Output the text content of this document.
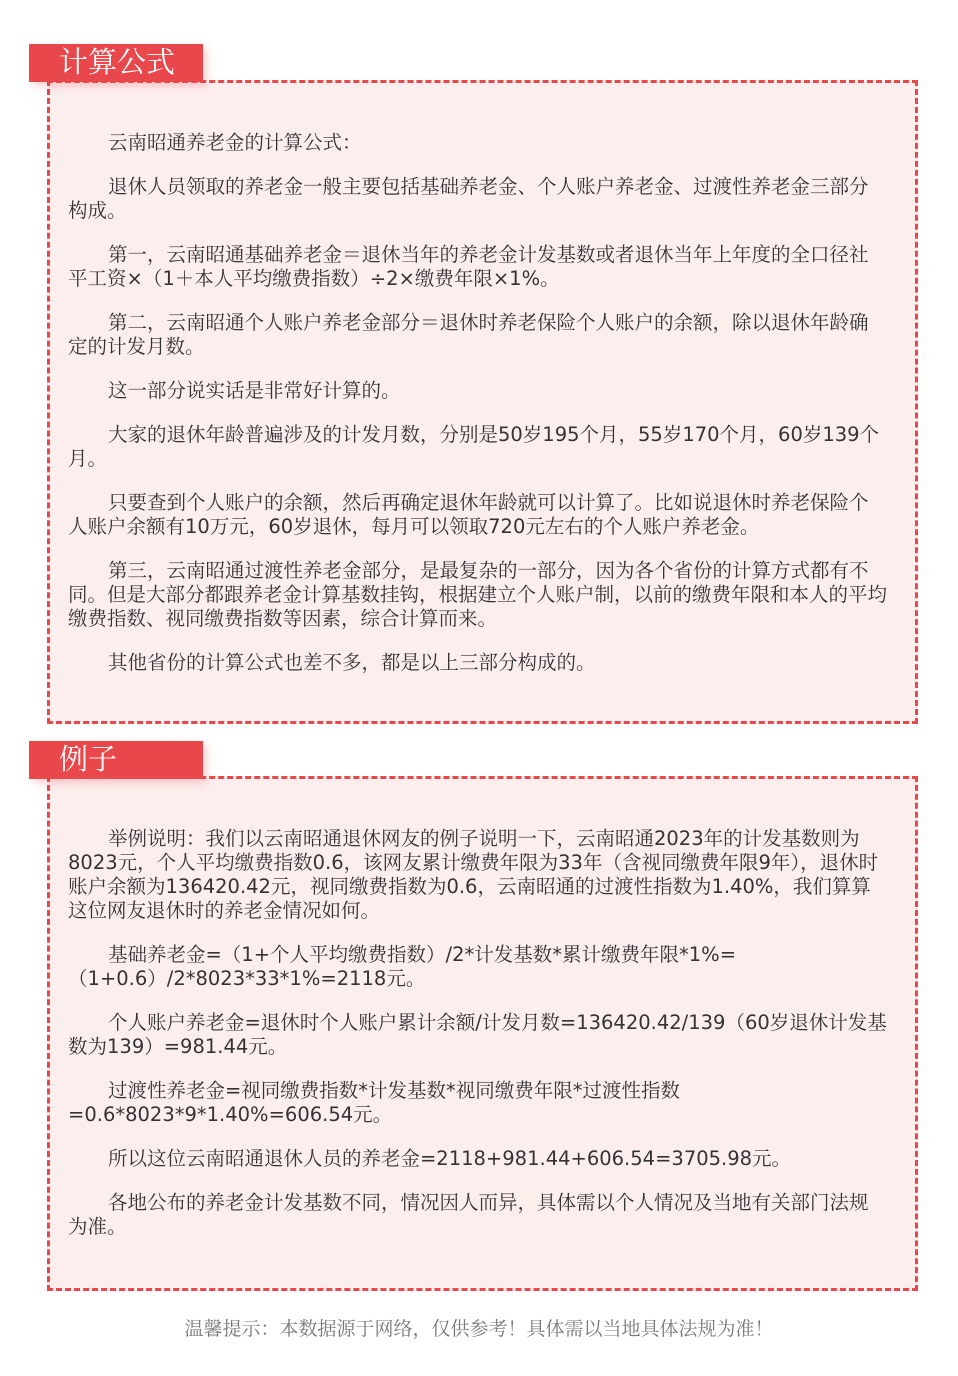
计算公式

云南昭通养老金的计算公式：

退休人员领取的养老金一般主要包括基础养老金、个人账户养老金、过渡性养老金三部分构成。

第一，云南昭通基础养老金＝退休当年的养老金计发基数或者退休当年上年度的全口径社平工资×（1＋本人平均缴费指数）÷2×缴费年限×1%。

第二，云南昭通个人账户养老金部分＝退休时养老保险个人账户的余额，除以退休年龄确定的计发月数。

这一部分说实话是非常好计算的。

大家的退休年龄普遍涉及的计发月数，分别是50岁195个月，55岁170个月，60岁139个月。

只要查到个人账户的余额，然后再确定退休年龄就可以计算了。比如说退休时养老保险个人账户余额有10万元，60岁退休，每月可以领取720元左右的个人账户养老金。

第三，云南昭通过渡性养老金部分，是最复杂的一部分，因为各个省份的计算方式都有不同。但是大部分都跟养老金计算基数挂钩，根据建立个人账户制，以前的缴费年限和本人的平均缴费指数、视同缴费指数等因素，综合计算而来。

其他省份的计算公式也差不多，都是以上三部分构成的。

例子

举例说明：我们以云南昭通退休网友的例子说明一下，云南昭通2023年的计发基数则为8023元，个人平均缴费指数0.6，该网友累计缴费年限为33年（含视同缴费年限9年），退休时账户余额为136420.42元，视同缴费指数为0.6，云南昭通的过渡性指数为1.40%，我们算算这位网友退休时的养老金情况如何。

基础养老金=（1+个人平均缴费指数）/2*计发基数*累计缴费年限*1%=（1+0.6）/2*8023*33*1%=2118元。

个人账户养老金=退休时个人账户累计余额/计发月数=136420.42/139（60岁退休计发基数为139）=981.44元。

过渡性养老金=视同缴费指数*计发基数*视同缴费年限*过渡性指数=0.6*8023*9*1.40%=606.54元。

所以这位云南昭通退休人员的养老金=2118+981.44+606.54=3705.98元。

各地公布的养老金计发基数不同，情况因人而异，具体需以个人情况及当地有关部门法规为准。

温馨提示：本数据源于网络，仅供参考！具体需以当地具体法规为准！
